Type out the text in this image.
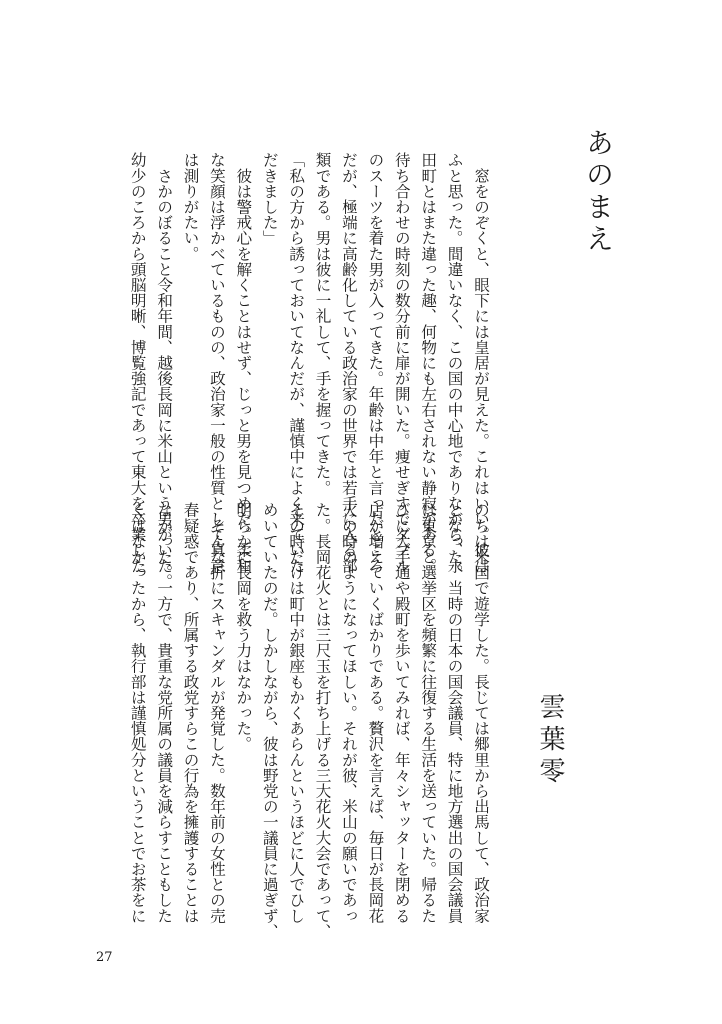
あのまえ
雲葉零
　窓をのぞくと、眼下には皇居が見えた。これはいい。彼は
ふと思った。間違いなく、この国の中心地でありながら、永
田町とはまた違った趣、何物にも左右されない静寂がある。
待ち合わせの時刻の数分前に扉が開いた。痩せぎすでダブル
のスーツを着た男が入ってきた。年齢は中年と言ったところ
だが、極端に高齢化している政治家の世界では若手に入る部
類である。男は彼に一礼して、手を握ってきた。
「私の方から誘っておいてなんだが、謹慎中によく来ていた
だきました」
　彼は警戒心を解くことはせず、じっと男を見つめた。柔和
な笑顔は浮かべているものの、政治家一般の性質として真意
は測りがたい。
　さかのぼること令和年間、越後長岡に米山という男がいた。
幼少のころから頭脳明晰、博覧強記であって東大を卒業した
のちは米国で遊学した。長じては郷里から出馬して、政治家
となった。当時の日本の国会議員、特に地方選出の国会議員
は東京と選挙区を頻繁に往復する生活を送っていた。帰るた
びに大手通や殿町を歩いてみれば、年々シャッターを閉める
店が増えていくばかりである。贅沢を言えば、毎日が長岡花
火の時のようになってほしい。それが彼、米山の願いであっ
た。長岡花火とは三尺玉を打ち上げる三大花火大会であって、
その時だけは町中が銀座もかくあらんというほどに人でひし
めいていたのだ。しかしながら、彼は野党の一議員に過ぎず、
明らかに長岡を救う力はなかった。
　そんな折にスキャンダルが発覚した。数年前の女性との売
春疑惑であり、所属する政党すらこの行為を擁護することは
なかった。一方で、貴重な党所属の議員を減らすこともした
くはなかったから、執行部は謹慎処分ということでお茶をに
27
